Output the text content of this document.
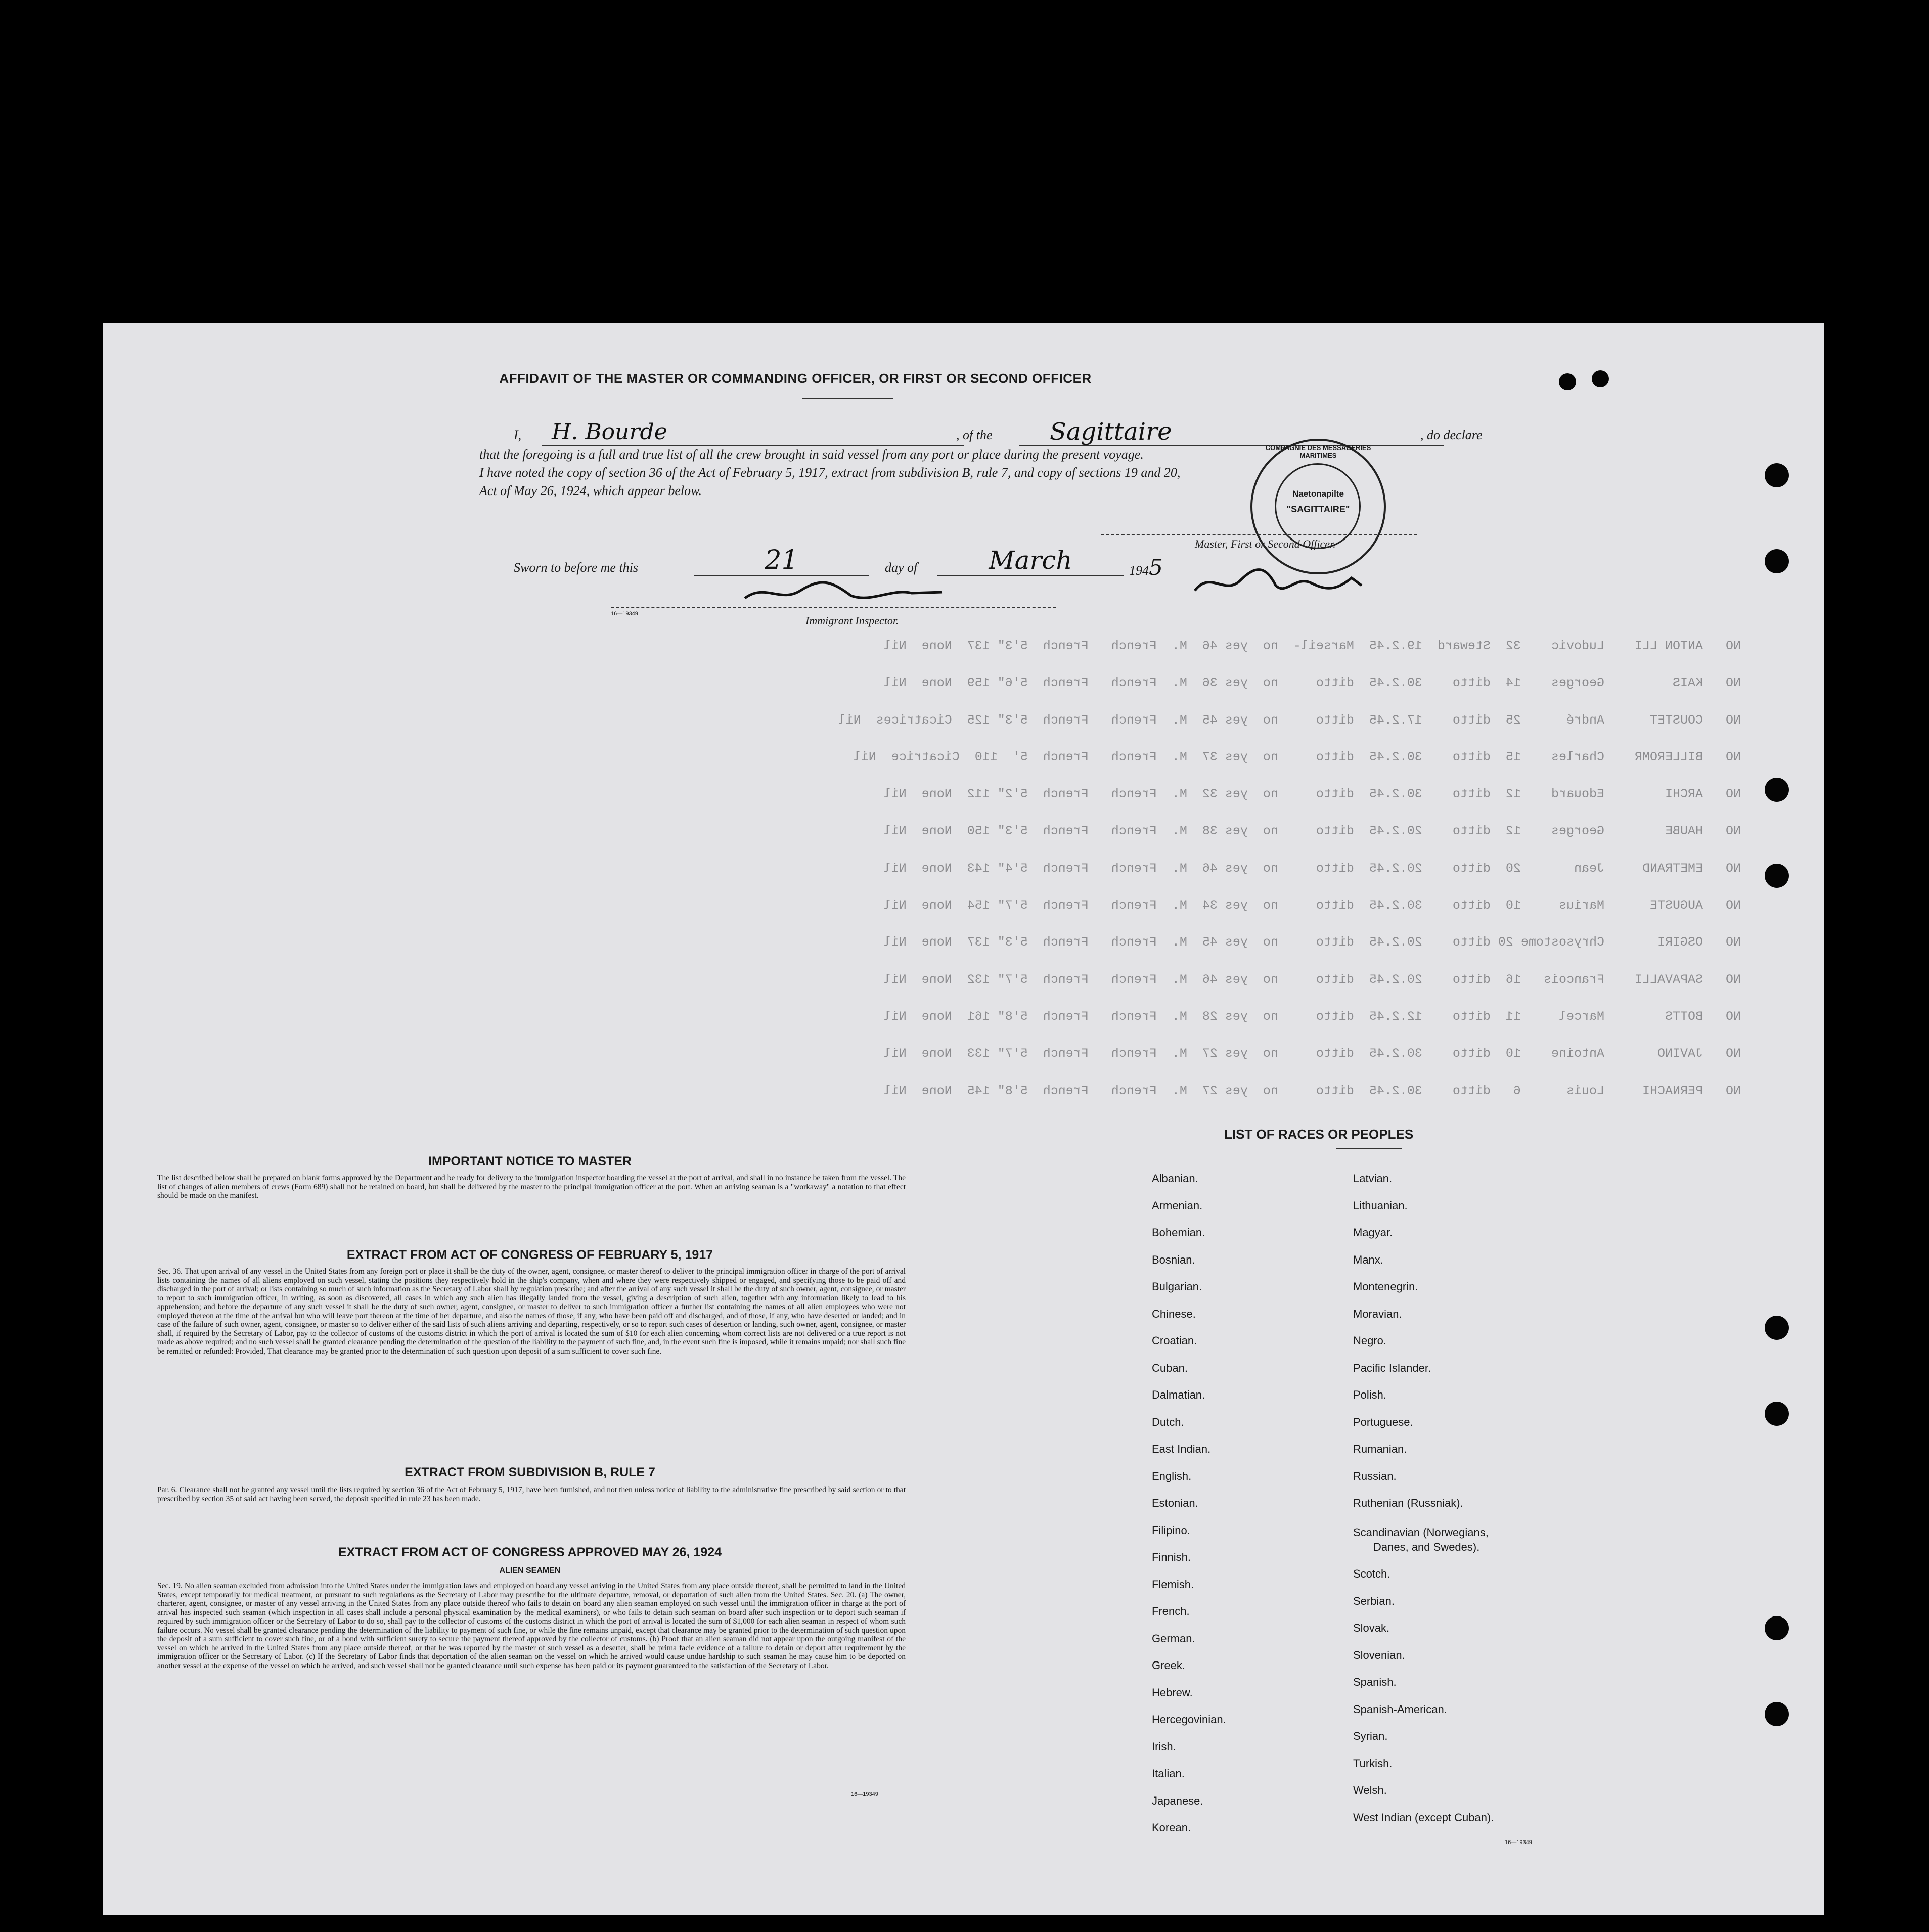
NO   ANTON LLI    Ludovic    32  Steward  19.2.45  Marseil-  no  yes 46  M.  French   French  5'3" 137  None  Nil
NO   KAIS         Georges    14  ditto    30.2.45  ditto     no  yes 36  M.  French   French  5'6" 159  None  Nil
NO   COUSTET      André      25  ditto    17.2.45  ditto     no  yes 45  M.  French   French  5'3" 125  Cicatrices  Nil
NO   BILLEROMR    Charles    15  ditto    30.2.45  ditto     no  yes 37  M.  French   French  5'  110  Cicatrice  Nil
NO   ARCHI        Edouard    12  ditto    30.2.45  ditto     no  yes 32  M.  French   French  5'2" 112  None  Nil
NO   HAUBE        Georges    12  ditto    20.2.45  ditto     no  yes 38  M.  French   French  5'3" 150  None  Nil
NO   EMETRAND     Jean       20  ditto    20.2.45  ditto     no  yes 46  M.  French   French  5'4" 143  None  Nil
NO   AUGUSTE      Marius     10  ditto    30.2.45  ditto     no  yes 34  M.  French   French  5'7" 154  None  Nil
NO   OSGIRI       Chrysostome 20 ditto    20.2.45  ditto     no  yes 45  M.  French   French  5'3" 137  None  Nil
NO   SAPAVALLI    Francois   16  ditto    20.2.45  ditto     no  yes 46  M.  French   French  5'7" 132  None  Nil
NO   BOTTS        Marcel     11  ditto    12.2.45  ditto     no  yes 28  M.  French   French  5'8" 161  None  Nil
NO   JAVINO       Antoine    10  ditto    30.2.45  ditto     no  yes 27  M.  French   French  5'7" 133  None  Nil
NO   PERNACHI     Louis      6   ditto    30.2.45  ditto     no  yes 27  M.  French   French  5'8" 145  None  Nil
AFFIDAVIT OF THE MASTER OR COMMANDING OFFICER, OR FIRST OR SECOND OFFICER
I,	H. Bourde	, of the	Sagittaire	, do declare
that the foregoing is a full and true list of all the crew brought in said vessel from any port or place during the present voyage.
I have noted the copy of section 36 of the Act of February 5, 1917, extract from subdivision B, rule 7, and copy of sections 19 and 20,
Act of May 26, 1924, which appear below.
Master, First or Second Officer.
COMPAGNIE DES MESSAGERIES MARITIMES
Naetonapilte
"SAGITTAIRE"
Sworn to before me this	21	day of	March	1945
16—19349
Immigrant Inspector.
IMPORTANT NOTICE TO MASTER
The list described below shall be prepared on blank forms approved by the Department and be ready for delivery to the immigration inspector boarding the vessel at the port of arrival, and shall in no instance be taken from the vessel. The list of changes of alien members of crews (Form 689) shall not be retained on board, but shall be delivered by the master to the principal immigration officer at the port. When an arriving seaman is a "workaway" a notation to that effect should be made on the manifest.
EXTRACT FROM ACT OF CONGRESS OF FEBRUARY 5, 1917
Sec. 36. That upon arrival of any vessel in the United States from any foreign port or place it shall be the duty of the owner, agent, consignee, or master thereof to deliver to the principal immigration officer in charge of the port of arrival lists containing the names of all aliens employed on such vessel, stating the positions they respectively hold in the ship's company, when and where they were respectively shipped or engaged, and specifying those to be paid off and discharged in the port of arrival; or lists containing so much of such information as the Secretary of Labor shall by regulation prescribe; and after the arrival of any such vessel it shall be the duty of such owner, agent, consignee, or master to report to such immigration officer, in writing, as soon as discovered, all cases in which any such alien has illegally landed from the vessel, giving a description of such alien, together with any information likely to lead to his apprehension; and before the departure of any such vessel it shall be the duty of such owner, agent, consignee, or master to deliver to such immigration officer a further list containing the names of all alien employees who were not employed thereon at the time of the arrival but who will leave port thereon at the time of her departure, and also the names of those, if any, who have been paid off and discharged, and of those, if any, who have deserted or landed; and in case of the failure of such owner, agent, consignee, or master so to deliver either of the said lists of such aliens arriving and departing, respectively, or so to report such cases of desertion or landing, such owner, agent, consignee, or master shall, if required by the Secretary of Labor, pay to the collector of customs of the customs district in which the port of arrival is located the sum of $10 for each alien concerning whom correct lists are not delivered or a true report is not made as above required; and no such vessel shall be granted clearance pending the determination of the question of the liability to the payment of such fine, and, in the event such fine is imposed, while it remains unpaid; nor shall such fine be remitted or refunded: Provided, That clearance may be granted prior to the determination of such question upon deposit of a sum sufficient to cover such fine.
EXTRACT FROM SUBDIVISION B, RULE 7
Par. 6. Clearance shall not be granted any vessel until the lists required by section 36 of the Act of February 5, 1917, have been furnished, and not then unless notice of liability to the administrative fine prescribed by said section or to that prescribed by section 35 of said act having been served, the deposit specified in rule 23 has been made.
EXTRACT FROM ACT OF CONGRESS APPROVED MAY 26, 1924
ALIEN SEAMEN
Sec. 19. No alien seaman excluded from admission into the United States under the immigration laws and employed on board any vessel arriving in the United States from any place outside thereof, shall be permitted to land in the United States, except temporarily for medical treatment, or pursuant to such regulations as the Secretary of Labor may prescribe for the ultimate departure, removal, or deportation of such alien from the United States. Sec. 20. (a) The owner, charterer, agent, consignee, or master of any vessel arriving in the United States from any place outside thereof who fails to detain on board any alien seaman employed on such vessel until the immigration officer in charge at the port of arrival has inspected such seaman (which inspection in all cases shall include a personal physical examination by the medical examiners), or who fails to detain such seaman on board after such inspection or to deport such seaman if required by such immigration officer or the Secretary of Labor to do so, shall pay to the collector of customs of the customs district in which the port of arrival is located the sum of $1,000 for each alien seaman in respect of whom such failure occurs. No vessel shall be granted clearance pending the determination of the liability to payment of such fine, or while the fine remains unpaid, except that clearance may be granted prior to the determination of such question upon the deposit of a sum sufficient to cover such fine, or of a bond with sufficient surety to secure the payment thereof approved by the collector of customs. (b) Proof that an alien seaman did not appear upon the outgoing manifest of the vessel on which he arrived in the United States from any place outside thereof, or that he was reported by the master of such vessel as a deserter, shall be prima facie evidence of a failure to detain or deport after requirement by the immigration officer or the Secretary of Labor. (c) If the Secretary of Labor finds that deportation of the alien seaman on the vessel on which he arrived would cause undue hardship to such seaman he may cause him to be deported on another vessel at the expense of the vessel on which he arrived, and such vessel shall not be granted clearance until such expense has been paid or its payment guaranteed to the satisfaction of the Secretary of Labor.
16—19349
LIST OF RACES OR PEOPLES
Albanian.
Armenian.
Bohemian.
Bosnian.
Bulgarian.
Chinese.
Croatian.
Cuban.
Dalmatian.
Dutch.
East Indian.
English.
Estonian.
Filipino.
Finnish.
Flemish.
French.
German.
Greek.
Hebrew.
Hercegovinian.
Irish.
Italian.
Japanese.
Korean.
Latvian.
Lithuanian.
Magyar.
Manx.
Montenegrin.
Moravian.
Negro.
Pacific Islander.
Polish.
Portuguese.
Rumanian.
Russian.
Ruthenian (Russniak).
Scandinavian (Norwegians,
Danes, and Swedes).
Scotch.
Serbian.
Slovak.
Slovenian.
Spanish.
Spanish-American.
Syrian.
Turkish.
Welsh.
West Indian (except Cuban).
16—19349
